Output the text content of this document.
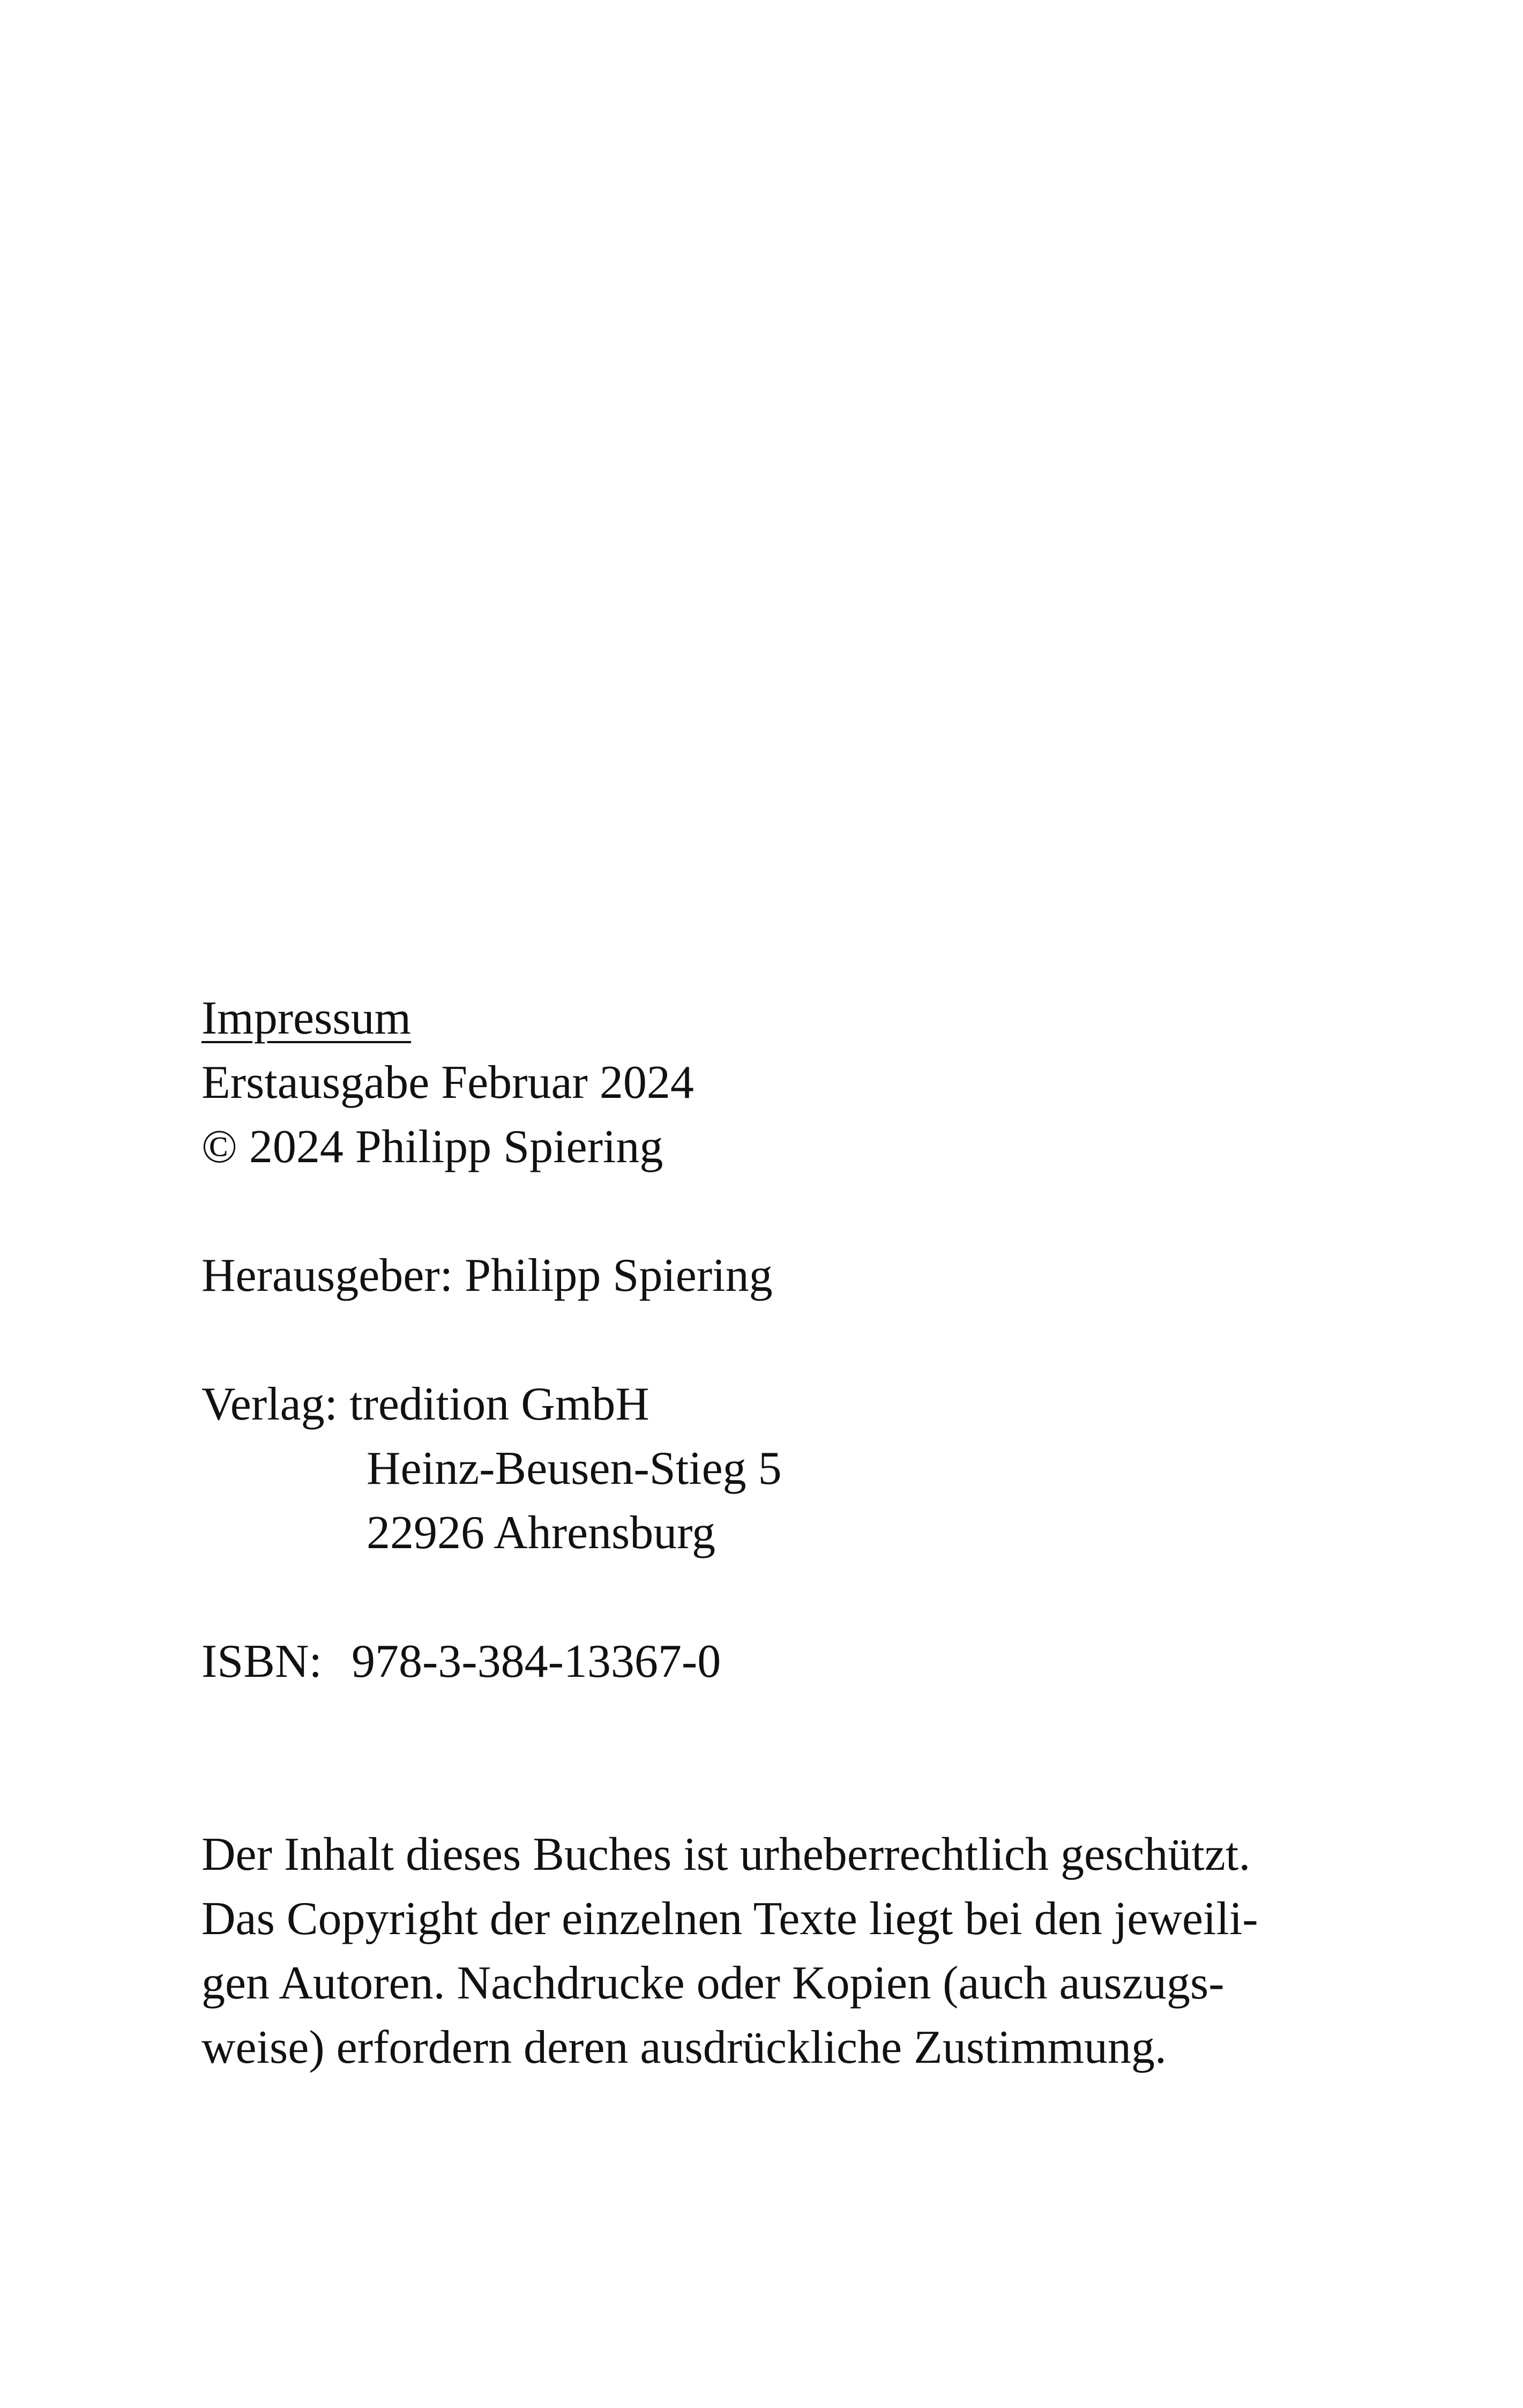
Impressum
Erstausgabe Februar 2024
© 2024 Philipp Spiering
Herausgeber: Philipp Spiering
Verlag: tredition GmbH
Heinz-Beusen-Stieg 5
22926 Ahrensburg
ISBN: 978-3-384-13367-0
Der Inhalt dieses Buches ist urheberrechtlich geschützt.
Das Copyright der einzelnen Texte liegt bei den jeweili-
gen Autoren. Nachdrucke oder Kopien (auch auszugs-
weise) erfordern deren ausdrückliche Zustimmung.
